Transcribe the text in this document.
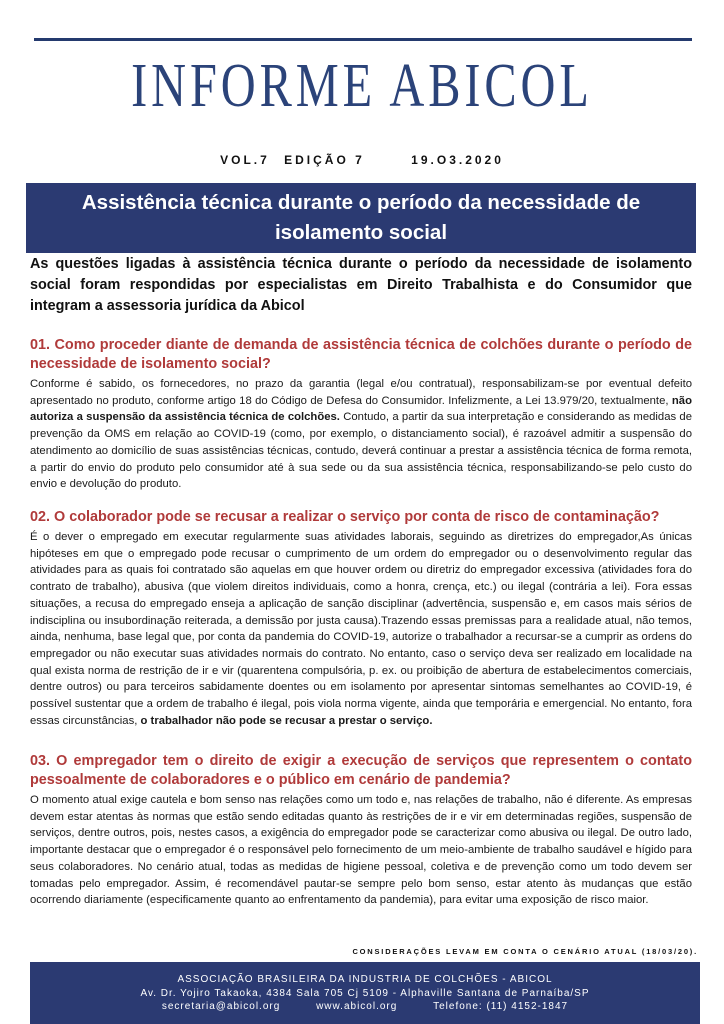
INFORME ABICOL
VOL.7 EDIÇÃO 7	19.O3.2020
Assistência técnica durante o período da necessidade de isolamento social
As questões ligadas à assistência técnica durante o período da necessidade de isolamento social foram respondidas por especialistas em Direito Trabalhista e do Consumidor que integram a assessoria jurídica da Abicol

01. Como proceder diante de demanda de assistência técnica de colchões durante o período de necessidade de isolamento social?

Conforme é sabido, os fornecedores, no prazo da garantia (legal e/ou contratual), responsabilizam-se por eventual defeito apresentado no produto, conforme artigo 18 do Código de Defesa do Consumidor. Infelizmente, a Lei 13.979/20, textualmente, não autoriza a suspensão da assistência técnica de colchões. Contudo, a partir da sua interpretação e considerando as medidas de prevenção da OMS em relação ao COVID-19 (como, por exemplo, o distanciamento social), é razoável admitir a suspensão do atendimento ao domicílio de suas assistências técnicas, contudo, deverá continuar a prestar a assistência técnica de forma remota, a partir do envio do produto pelo consumidor até à sua sede ou da sua assistência técnica, responsabilizando-se pelo custo do envio e devolução do produto.

02. O colaborador pode se recusar a realizar o serviço por conta de risco de contaminação?

É o dever o empregado em executar regularmente suas atividades laborais, seguindo as diretrizes do empregador,As únicas hipóteses em que o empregado pode recusar o cumprimento de um ordem do empregador ou o desenvolvimento regular das atividades para as quais foi contratado são aquelas em que houver ordem ou diretriz do empregador excessiva (atividades fora do contrato de trabalho), abusiva (que violem direitos individuais, como a honra, crença, etc.) ou ilegal (contrária a lei). Fora essas situações, a recusa do empregado enseja a aplicação de sanção disciplinar (advertência, suspensão e, em casos mais sérios de indisciplina ou insubordinação reiterada, a demissão por justa causa).Trazendo essas premissas para a realidade atual, não temos, ainda, nenhuma, base legal que, por conta da pandemia do COVID-19, autorize o trabalhador a recursar-se a cumprir as ordens do empregador ou não executar suas atividades normais do contrato. No entanto, caso o serviço deva ser realizado em localidade na qual exista norma de restrição de ir e vir (quarentena compulsória, p. ex. ou proibição de abertura de estabelecimentos comerciais, dentre outros) ou para terceiros sabidamente doentes ou em isolamento por apresentar sintomas semelhantes ao COVID-19, é possível sustentar que a ordem de trabalho é ilegal, pois viola norma vigente, ainda que temporária e emergencial. No entanto, fora essas circunstâncias, o trabalhador não pode se recusar a prestar o serviço.

03. O empregador tem o direito de exigir a execução de serviços que representem o contato pessoalmente de colaboradores e o público em cenário de pandemia?

O momento atual exige cautela e bom senso nas relações como um todo e, nas relações de trabalho, não é diferente. As empresas devem estar atentas às normas que estão sendo editadas quanto às restrições de ir e vir em determinadas regiões, suspensão de serviços, dentre outros, pois, nestes casos, a exigência do empregador pode se caracterizar como abusiva ou ilegal. De outro lado, importante destacar que o empregador é o responsável pelo fornecimento de um meio-ambiente de trabalho saudável e hígido para seus colaboradores. No cenário atual, todas as medidas de higiene pessoal, coletiva e de prevenção como um todo devem ser tomadas pelo empregador. Assim, é recomendável pautar-se sempre pelo bom senso, estar atento às mudanças que estão ocorrendo diariamente (especificamente quanto ao enfrentamento da pandemia), para evitar uma exposição de risco maior.

CONSIDERAÇÕES LEVAM EM CONTA O CENÁRIO ATUAL (18/03/20).
ASSOCIAÇÃO BRASILEIRA DA INDUSTRIA DE COLCHÕES - ABICOL
Av. Dr. Yojiro Takaoka, 4384 Sala 705 Cj 5109 - Alphaville Santana de Parnaíba/SP
secretaria@abicol.org	www.abicol.org	Telefone: (11) 4152-1847
